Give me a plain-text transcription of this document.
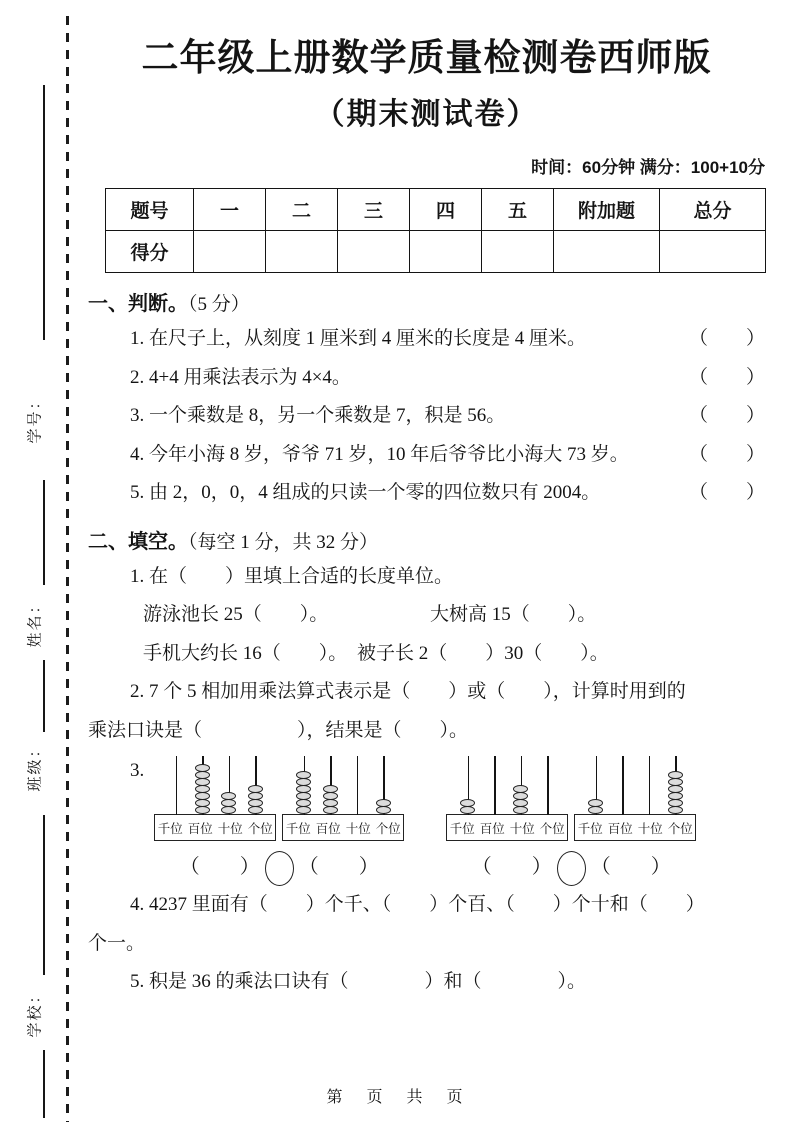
学号：
姓名：
班级：
学校：
二年级上册数学质量检测卷西师版
（期末测试卷）
时间：60分钟 满分：100+10分
题号	一	二	三	四	五	附加题	总分
得分							
一、判断。（5 分）
1. 在尺子上，从刻度 1 厘米到 4 厘米的长度是 4 厘米。	（　　）
2. 4+4 用乘法表示为 4×4。	（　　）
3. 一个乘数是 8，另一个乘数是 7，积是 56。	（　　）
4. 今年小海 8 岁，爷爷 71 岁，10 年后爷爷比小海大 73 岁。	（　　）
5. 由 2，0，0，4 组成的只读一个零的四位数只有 2004。	（　　）
二、填空。（每空 1 分，共 32 分）
1. 在（　　）里填上合适的长度单位。
游泳池长 25（　　）。	大树高 15（　　）。
手机大约长 16（　　）。 被子长 2（　　）30（　　）。
2. 7 个 5 相加用乘法算式表示是（　　）或（　　），计算时用到的
乘法口诀是（　　　　　），结果是（　　）。
3.
千位 百位 十位 个位 千位 百位 十位 个位
（　　） （　　）
千位 百位 十位 个位 千位 百位 十位 个位
（　　） （　　）
4. 4237 里面有（　　）个千、（　　）个百、（　　）个十和（　　）
个一。
5. 积是 36 的乘法口诀有（　　　　）和（　　　　）。
第　页　共　页
